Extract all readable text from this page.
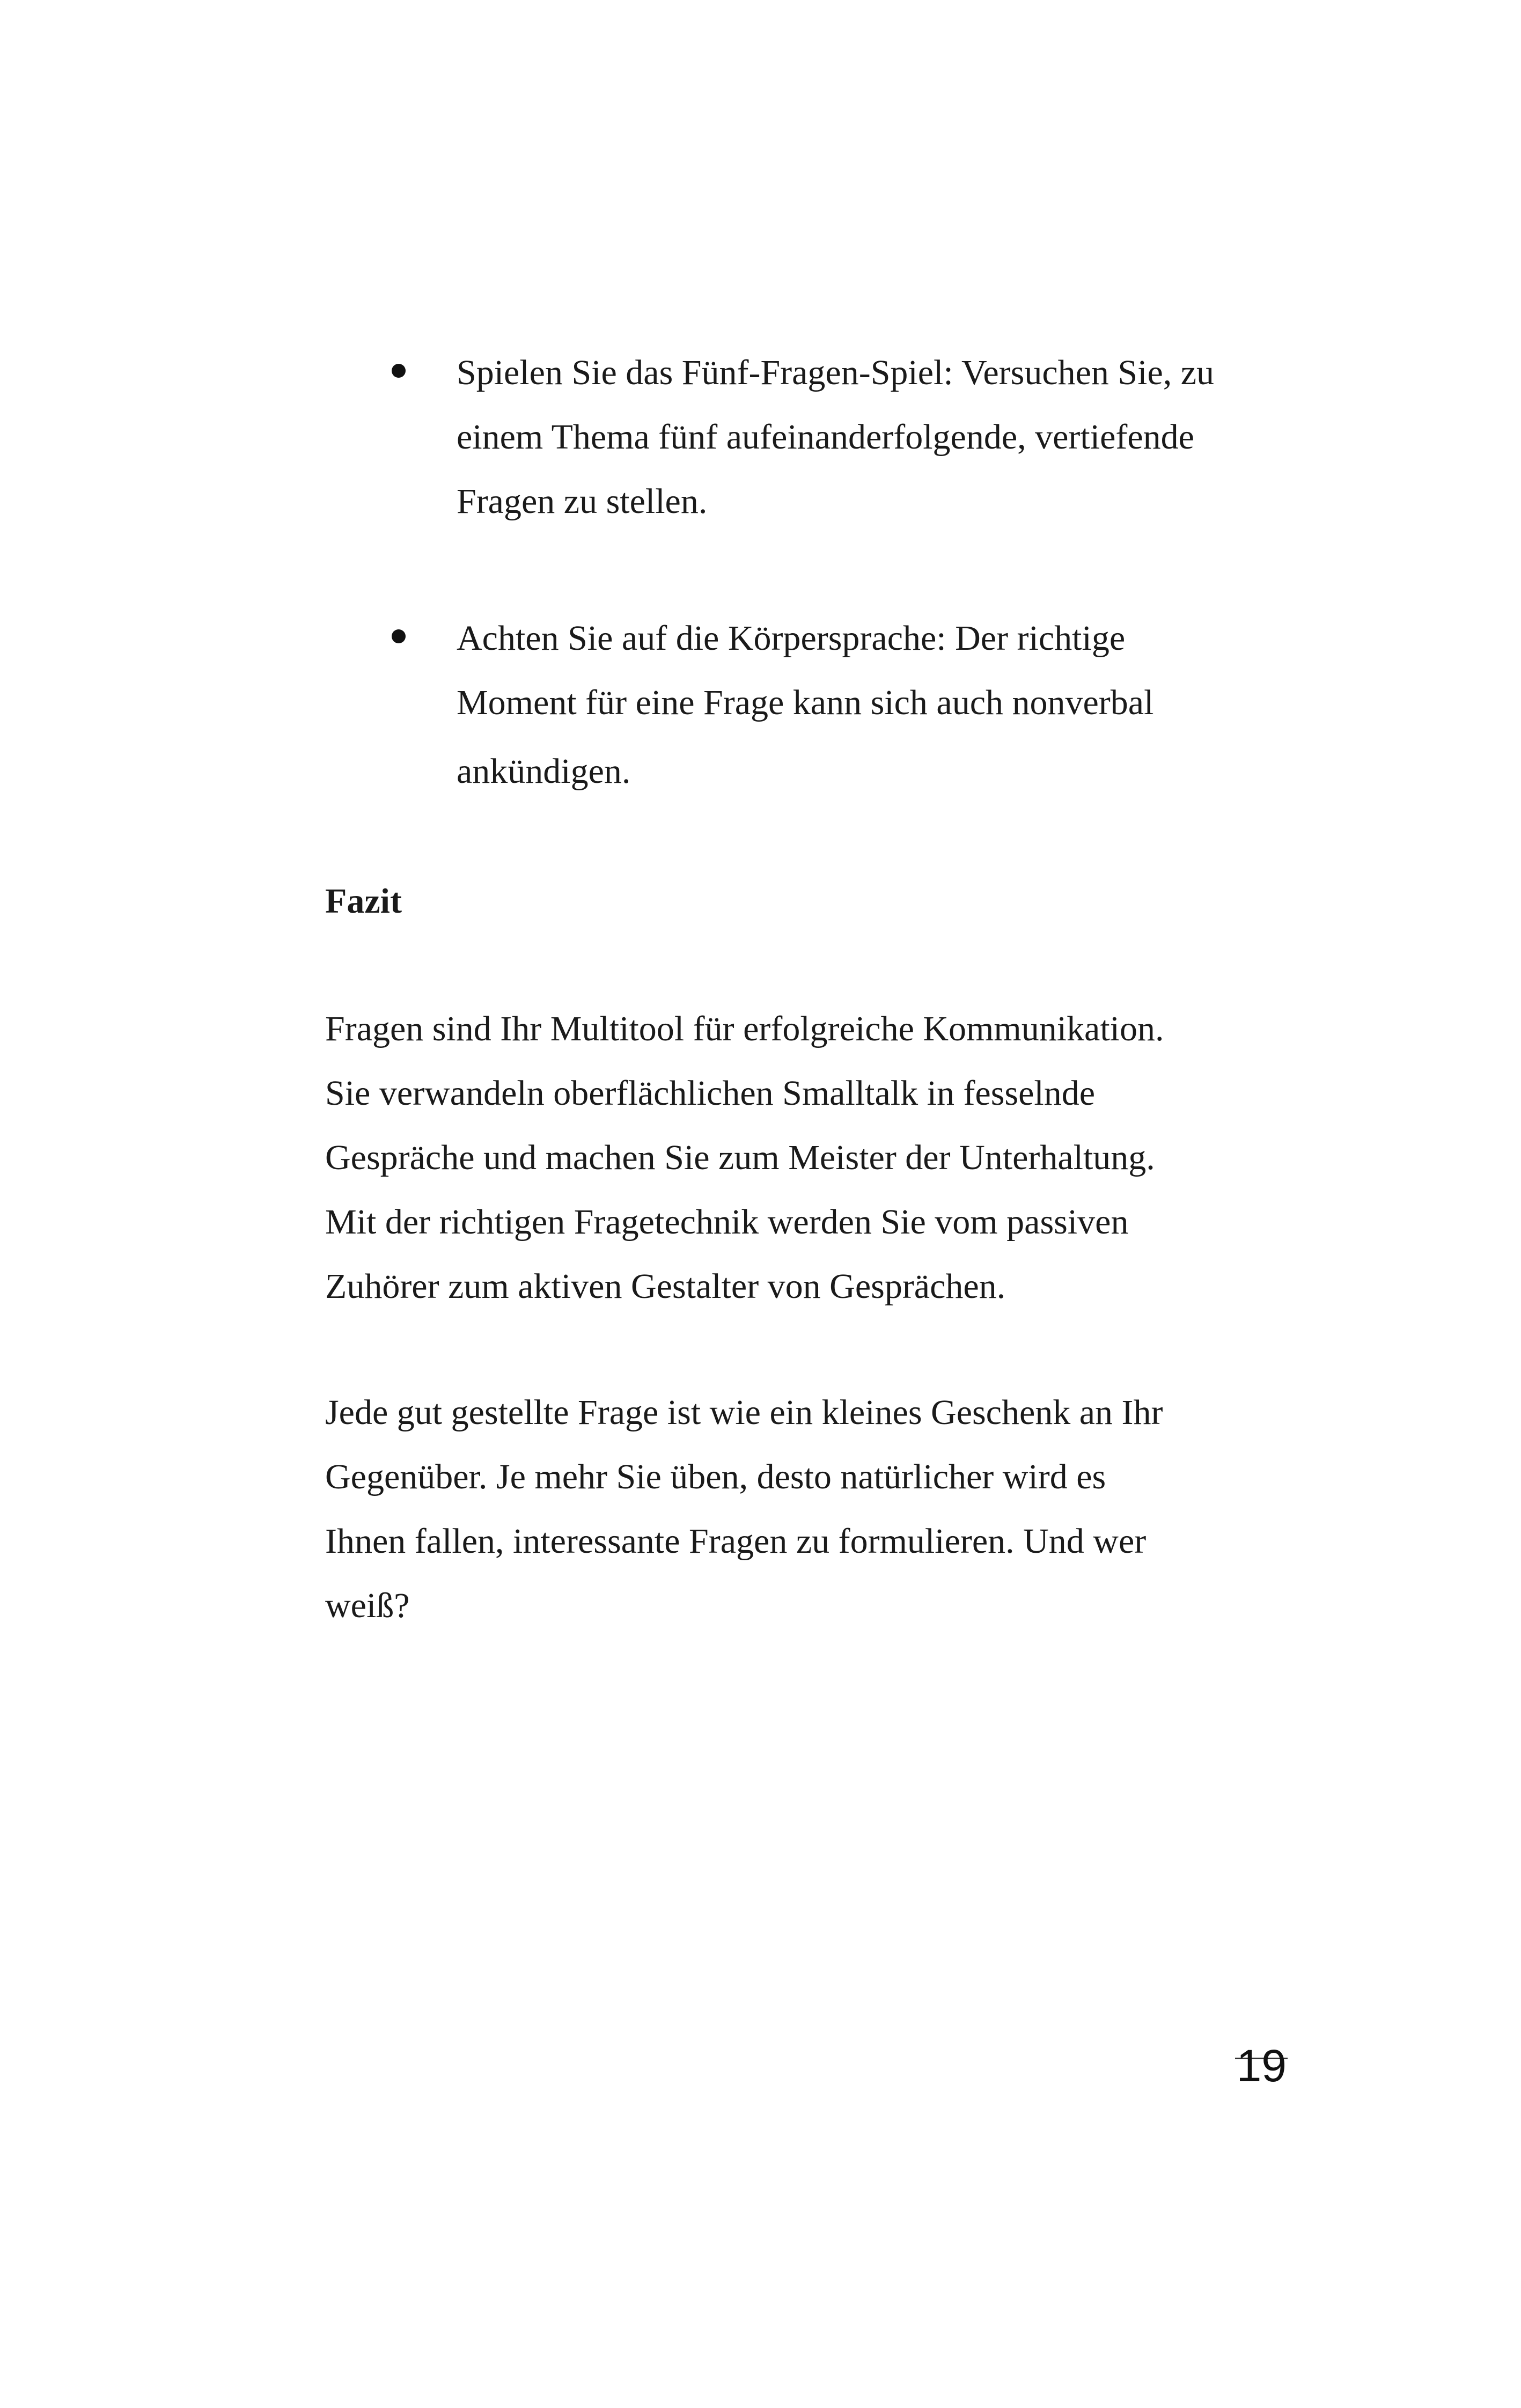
Spielen Sie das Fünf-Fragen-Spiel: Versuchen Sie, zu
einem Thema fünf aufeinanderfolgende, vertiefende
Fragen zu stellen.
Achten Sie auf die Körpersprache: Der richtige
Moment für eine Frage kann sich auch nonverbal
ankündigen.
Fazit
Fragen sind Ihr Multitool für erfolgreiche Kommunikation.
Sie verwandeln oberflächlichen Smalltalk in fesselnde
Gespräche und machen Sie zum Meister der Unterhaltung.
Mit der richtigen Fragetechnik werden Sie vom passiven
Zuhörer zum aktiven Gestalter von Gesprächen.
Jede gut gestellte Frage ist wie ein kleines Geschenk an Ihr
Gegenüber. Je mehr Sie üben, desto natürlicher wird es
Ihnen fallen, interessante Fragen zu formulieren. Und wer
weiß?
19
